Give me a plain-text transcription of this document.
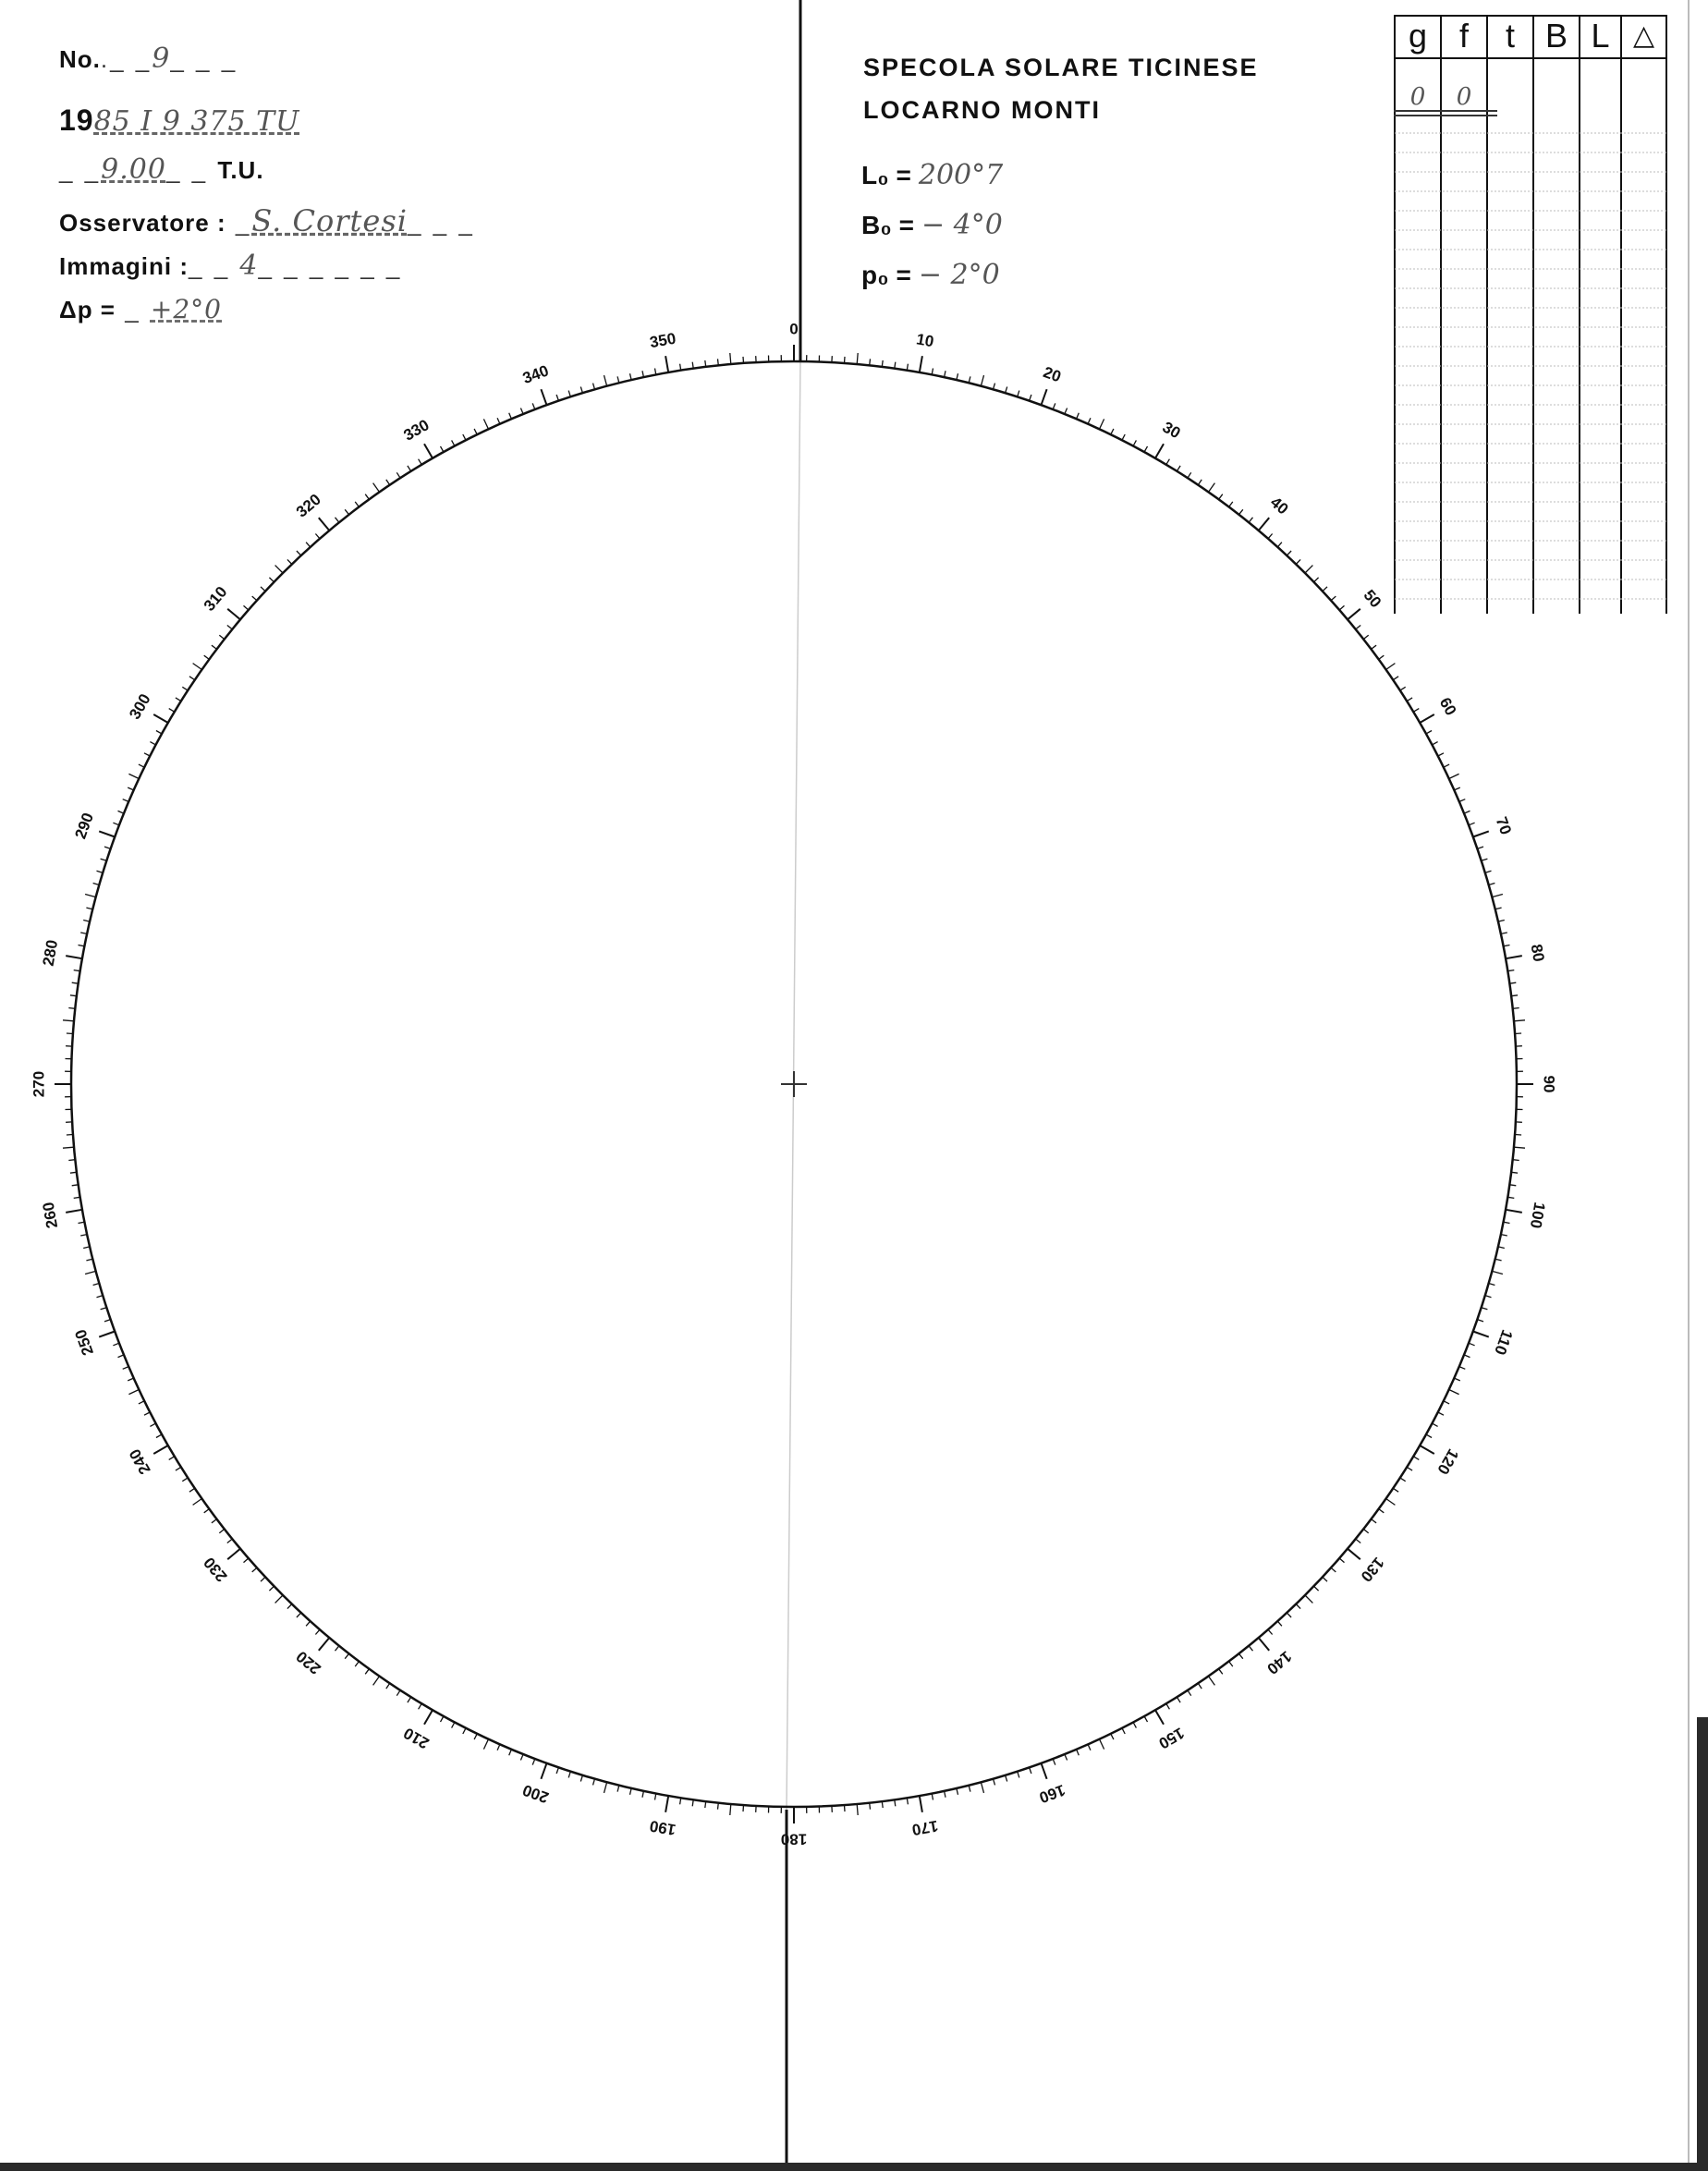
No.._ _9_ _ _
1985 I 9 375 TU
_ _9.00_ _ T.U.
Osservatore : _S. Cortesi_ _ _
Immagini :_ _ 4_ _ _ _ _ _
Δp = _ +2°0
SPECOLA SOLARE TICINESE
LOCARNO MONTI
L₀ = 200°7
B₀ = − 4°0
p₀ = − 2°0
g f	t B L △
0	0
0
10
20
30
40
50
60
70
80
90
100
110
120
130
140
150
160
170
180
190
200
210
220
230
240
250
260
270
280
290
300
310
320
330
340
350
